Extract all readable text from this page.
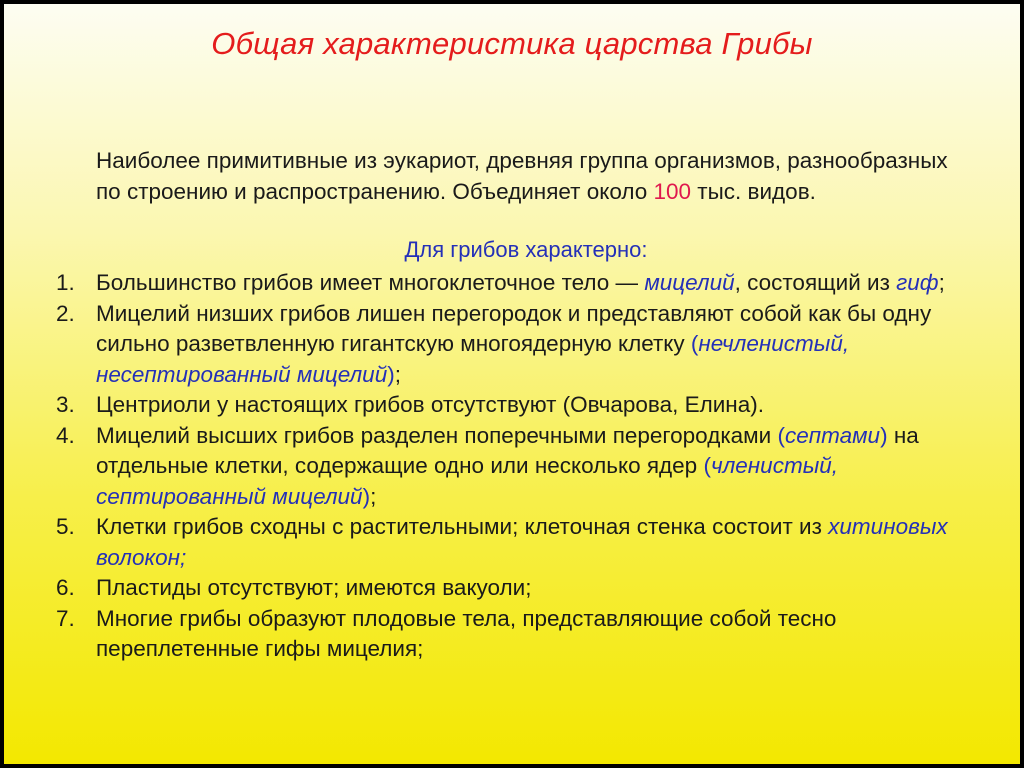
Общая характеристика царства Грибы
Наиболее примитивные из эукариот, древняя группа организмов, разнообразных по строению и распространению. Объединяет около 100 тыс. видов.
Для грибов характерно:
1. Большинство грибов имеет многоклеточное тело — мицелий, состоящий из гиф;
2. Мицелий низших грибов лишен перегородок и представляют собой как бы одну сильно разветвленную гигантскую многоядерную клетку (нечленистый, несептированный мицелий);
3. Центриоли у настоящих грибов отсутствуют (Овчарова, Елина).
4. Мицелий высших грибов разделен поперечными перегородками (септами) на отдельные клетки, содержащие одно или несколько ядер (членистый, септированный мицелий);
5. Клетки грибов сходны с растительными; клеточная стенка состоит из хитиновых волокон;
6. Пластиды отсутствуют; имеются вакуоли;
7. Многие грибы образуют плодовые тела, представляющие собой тесно переплетенные гифы мицелия;
